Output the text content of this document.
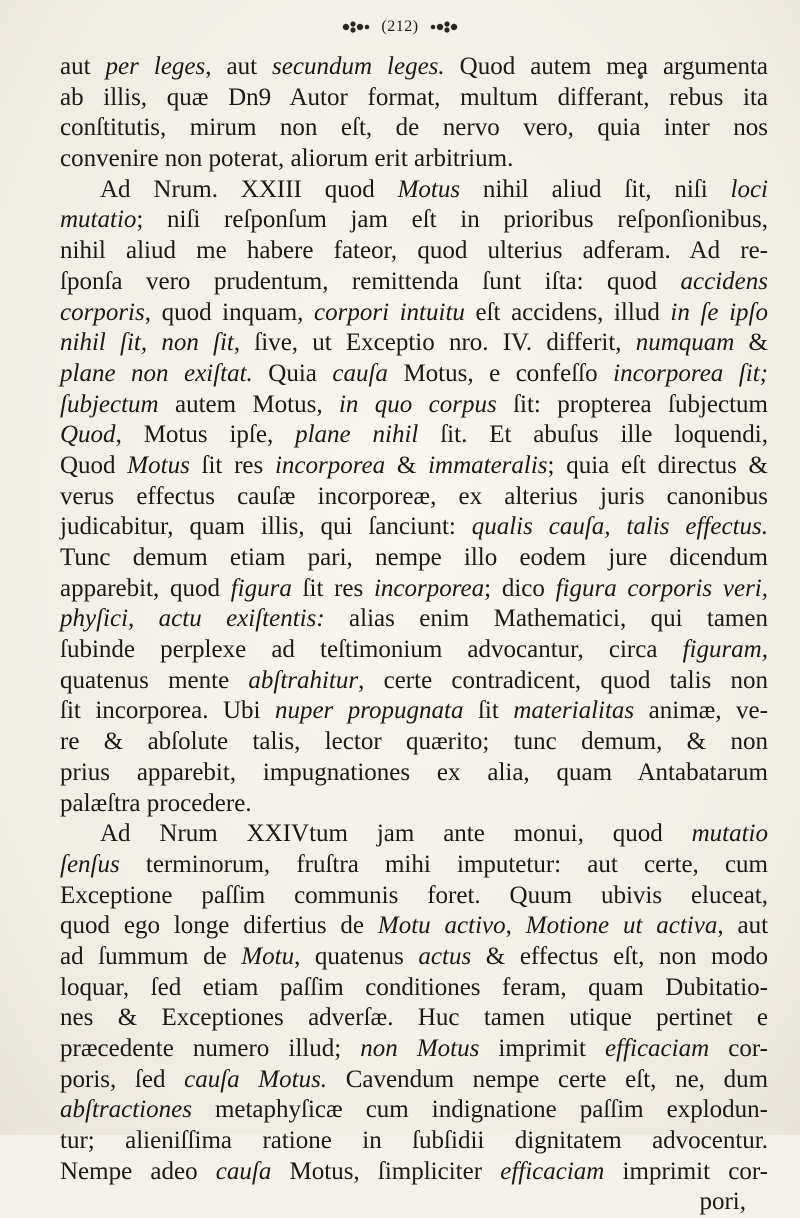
(212)
aut per leges, aut secundum leges. Quod autem mea argumenta
ab illis, quæ Dn9 Autor format, multum differant, rebus ita
conſtitutis, mirum non eſt, de nervo vero, quia inter nos
convenire non poterat, aliorum erit arbitrium.
Ad Nrum. XXIII quod Motus nihil aliud ſit, niſi loci
mutatio; niſi reſponſum jam eſt in prioribus reſponſionibus,
nihil aliud me habere fateor, quod ulterius adferam. Ad re-
ſponſa vero prudentum, remittenda ſunt iſta: quod accidens
corporis, quod inquam, corpori intuitu eſt accidens, illud in ſe ipſo
nihil ſit, non ſit, ſive, ut Exceptio nro. IV. differit, numquam &
plane non exiſtat. Quia cauſa Motus, e confeſſo incorporea ſit;
ſubjectum autem Motus, in quo corpus ſit: propterea ſubjectum
Quod, Motus ipſe, plane nihil ſit. Et abuſus ille loquendi,
Quod Motus ſit res incorporea & immateralis; quia eſt directus &
verus effectus cauſæ incorporeæ, ex alterius juris canonibus
judicabitur, quam illis, qui ſanciunt: qualis cauſa, talis effectus.
Tunc demum etiam pari, nempe illo eodem jure dicendum
apparebit, quod figura ſit res incorporea; dico figura corporis veri,
phyſici, actu exiſtentis: alias enim Mathematici, qui tamen
ſubinde perplexe ad teſtimonium advocantur, circa figuram,
quatenus mente abſtrahitur, certe contradicent, quod talis non
ſit incorporea. Ubi nuper propugnata ſit materialitas animæ, ve-
re & abſolute talis, lector quærito; tunc demum, & non
prius apparebit, impugnationes ex alia, quam Antabatarum
palæſtra procedere.
Ad Nrum XXIVtum jam ante monui, quod mutatio
ſenſus terminorum, fruſtra mihi imputetur: aut certe, cum
Exceptione paſſim communis foret. Quum ubivis eluceat,
quod ego longe difertius de Motu activo, Motione ut activa, aut
ad ſummum de Motu, quatenus actus & effectus eſt, non modo
loquar, ſed etiam paſſim conditiones feram, quam Dubitatio-
nes & Exceptiones adverſæ. Huc tamen utique pertinet e
præcedente numero illud; non Motus imprimit efficaciam cor-
poris, ſed cauſa Motus. Cavendum nempe certe eſt, ne, dum
abſtractiones metaphyſicæ cum indignatione paſſim explodun-
tur; alieniſſima ratione in ſubſidii dignitatem advocentur.
Nempe adeo cauſa Motus, ſimpliciter efficaciam imprimit cor-
pori,
